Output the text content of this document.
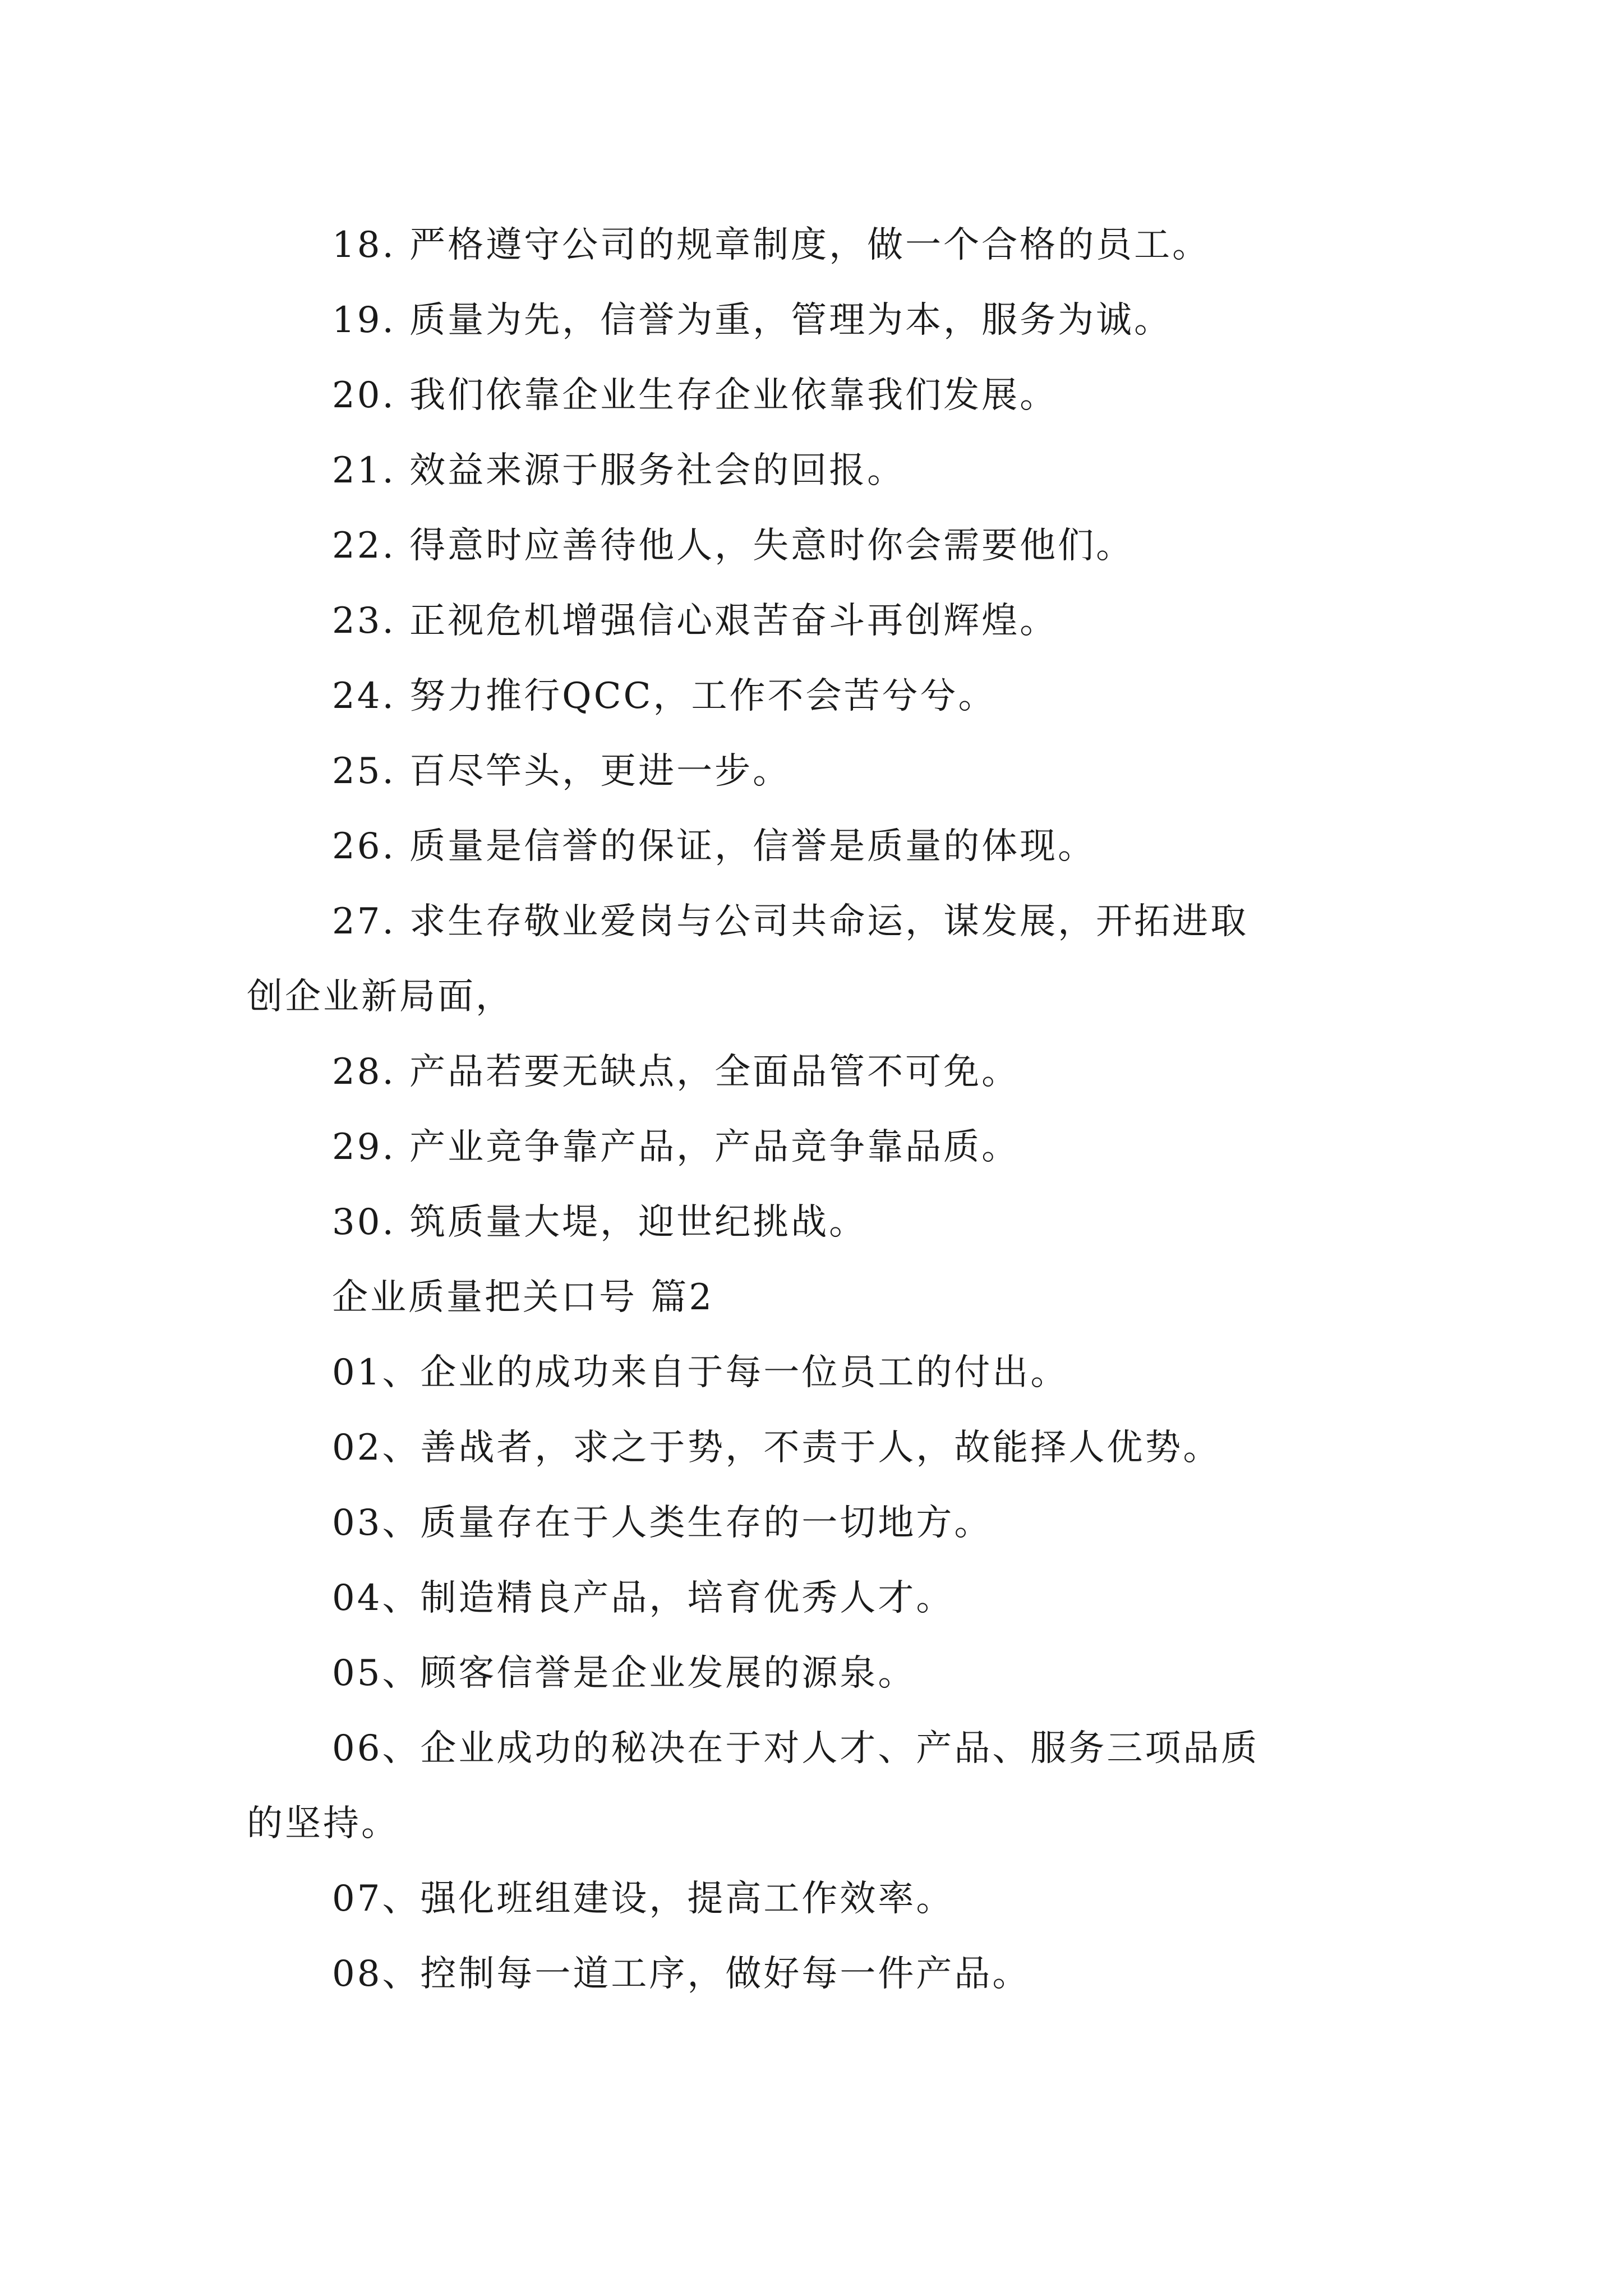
18. 严格遵守公司的规章制度，做一个合格的员工。
19. 质量为先，信誉为重，管理为本，服务为诚。
20. 我们依靠企业生存企业依靠我们发展。
21. 效益来源于服务社会的回报。
22. 得意时应善待他人，失意时你会需要他们。
23. 正视危机增强信心艰苦奋斗再创辉煌。
24. 努力推行QCC，工作不会苦兮兮。
25. 百尽竿头，更进一步。
26. 质量是信誉的保证，信誉是质量的体现。
27. 求生存敬业爱岗与公司共命运，谋发展，开拓进取
创企业新局面，
28. 产品若要无缺点，全面品管不可免。
29. 产业竞争靠产品，产品竞争靠品质。
30. 筑质量大堤，迎世纪挑战。
企业质量把关口号 篇2
01、企业的成功来自于每一位员工的付出。
02、善战者，求之于势，不责于人，故能择人优势。
03、质量存在于人类生存的一切地方。
04、制造精良产品，培育优秀人才。
05、顾客信誉是企业发展的源泉。
06、企业成功的秘决在于对人才、产品、服务三项品质
的坚持。
07、强化班组建设，提高工作效率。
08、控制每一道工序，做好每一件产品。
